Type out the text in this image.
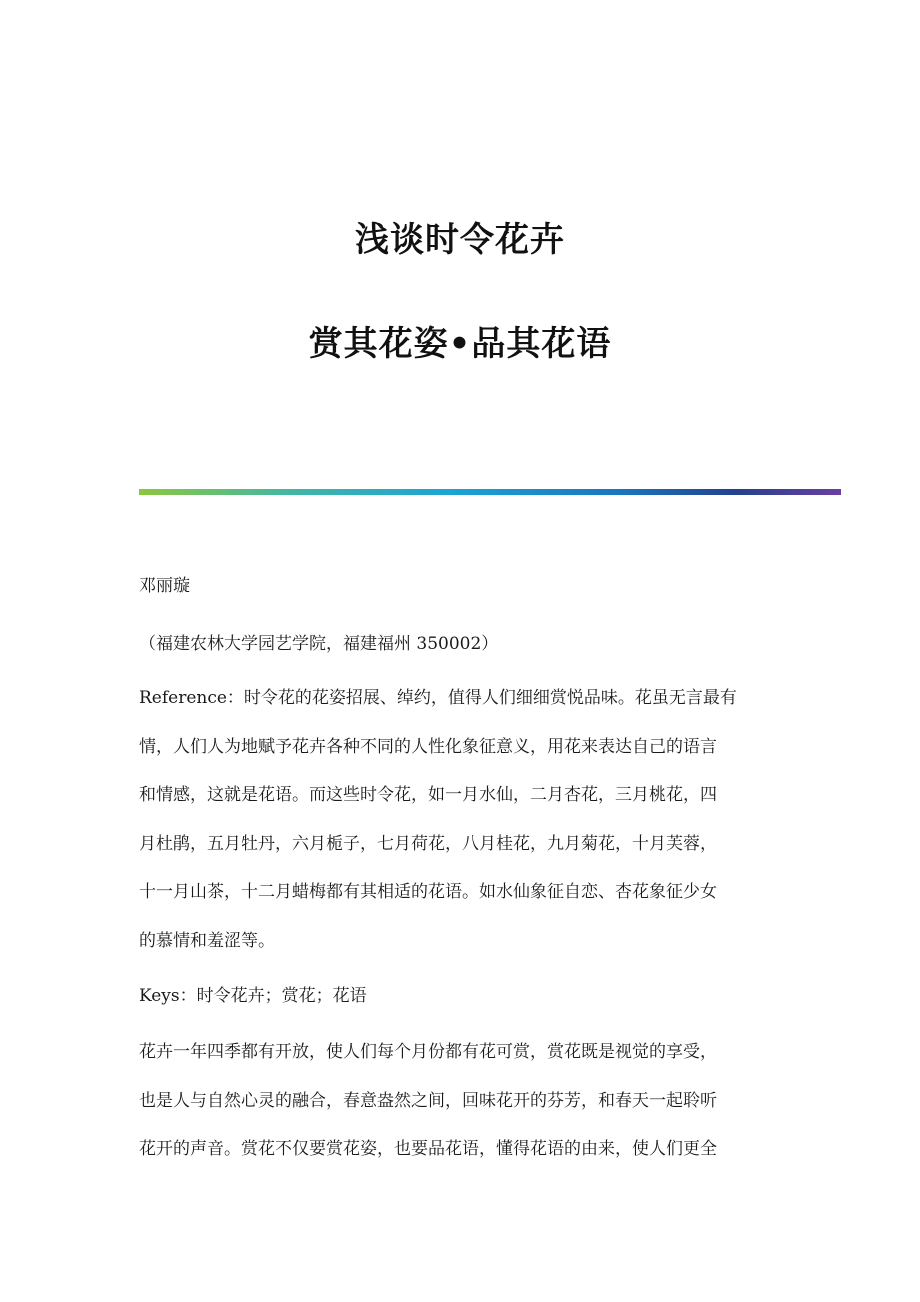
浅谈时令花卉
赏其花姿•品其花语
邓丽璇
（福建农林大学园艺学院，福建福州 350002）
Reference：时令花的花姿招展、绰约，值得人们细细赏悦品味。花虽无言最有
情，人们人为地赋予花卉各种不同的人性化象征意义，用花来表达自己的语言
和情感，这就是花语。而这些时令花，如一月水仙，二月杏花，三月桃花，四
月杜鹃，五月牡丹，六月栀子，七月荷花，八月桂花，九月菊花，十月芙蓉，
十一月山茶，十二月蜡梅都有其相适的花语。如水仙象征自恋、杏花象征少女
的慕情和羞涩等。
Keys：时令花卉；赏花；花语
花卉一年四季都有开放，使人们每个月份都有花可赏，赏花既是视觉的享受，
也是人与自然心灵的融合，春意盎然之间，回味花开的芬芳，和春天一起聆听
花开的声音。赏花不仅要赏花姿，也要品花语，懂得花语的由来，使人们更全
